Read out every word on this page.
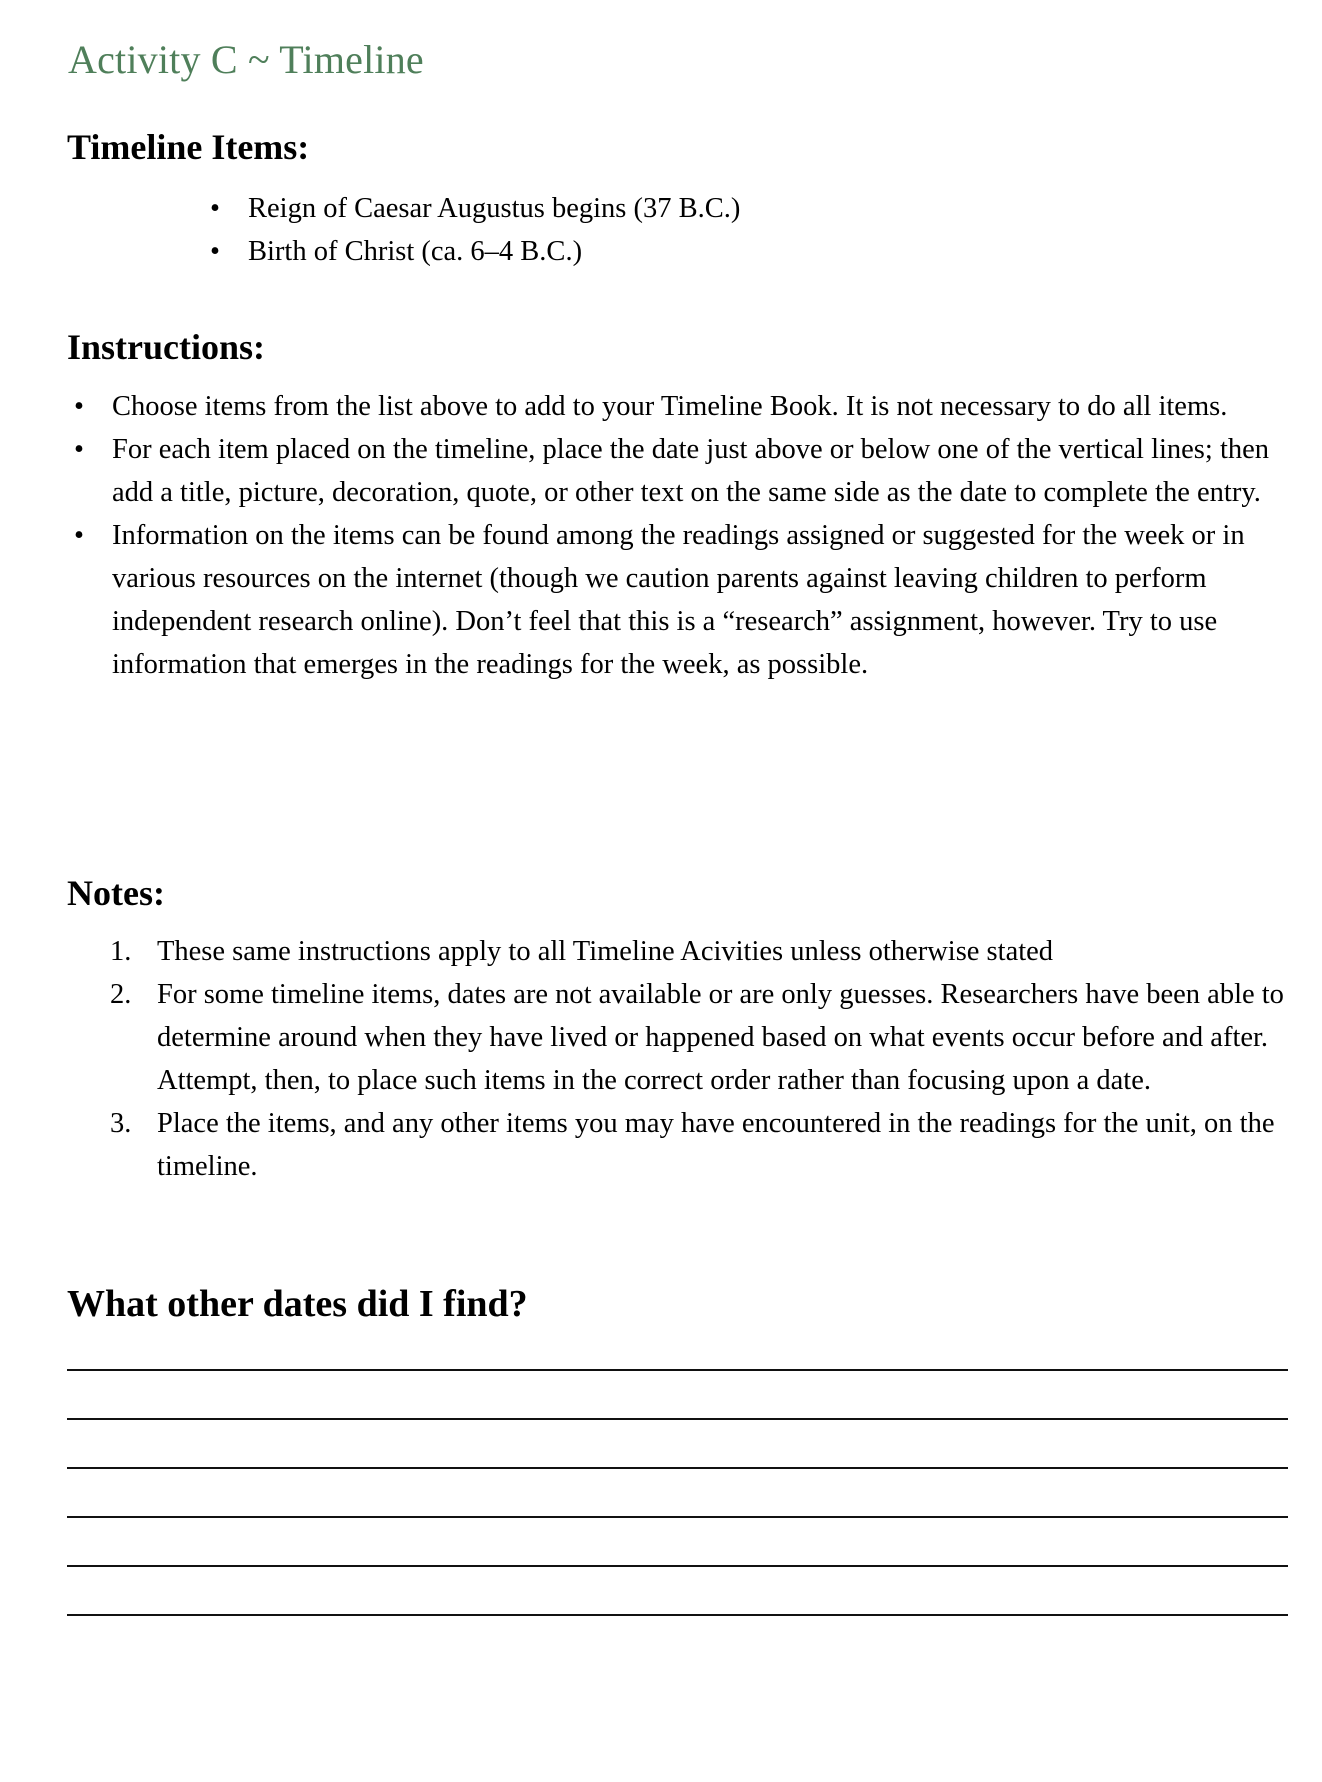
Activity C ~ Timeline
Timeline Items:
• Reign of Caesar Augustus begins (37 B.C.)
• Birth of Christ (ca. 6–4 B.C.)
Instructions:
• Choose items from the list above to add to your Timeline Book. It is not necessary to do all items.
• For each item placed on the timeline, place the date just above or below one of the vertical lines; then add a title, picture, decoration, quote, or other text on the same side as the date to complete the entry.
• Information on the items can be found among the readings assigned or suggested for the week or in various resources on the internet (though we caution parents against leaving children to perform independent research online). Don’t feel that this is a “research” assignment, however. Try to use information that emerges in the readings for the week, as possible.
Notes:
1. These same instructions apply to all Timeline Acivities unless otherwise stated
2. For some timeline items, dates are not available or are only guesses. Researchers have been able to determine around when they have lived or happened based on what events occur before and after. Attempt, then, to place such items in the correct order rather than focusing upon a date.
3. Place the items, and any other items you may have encountered in the readings for the unit, on the timeline.
What other dates did I find?
